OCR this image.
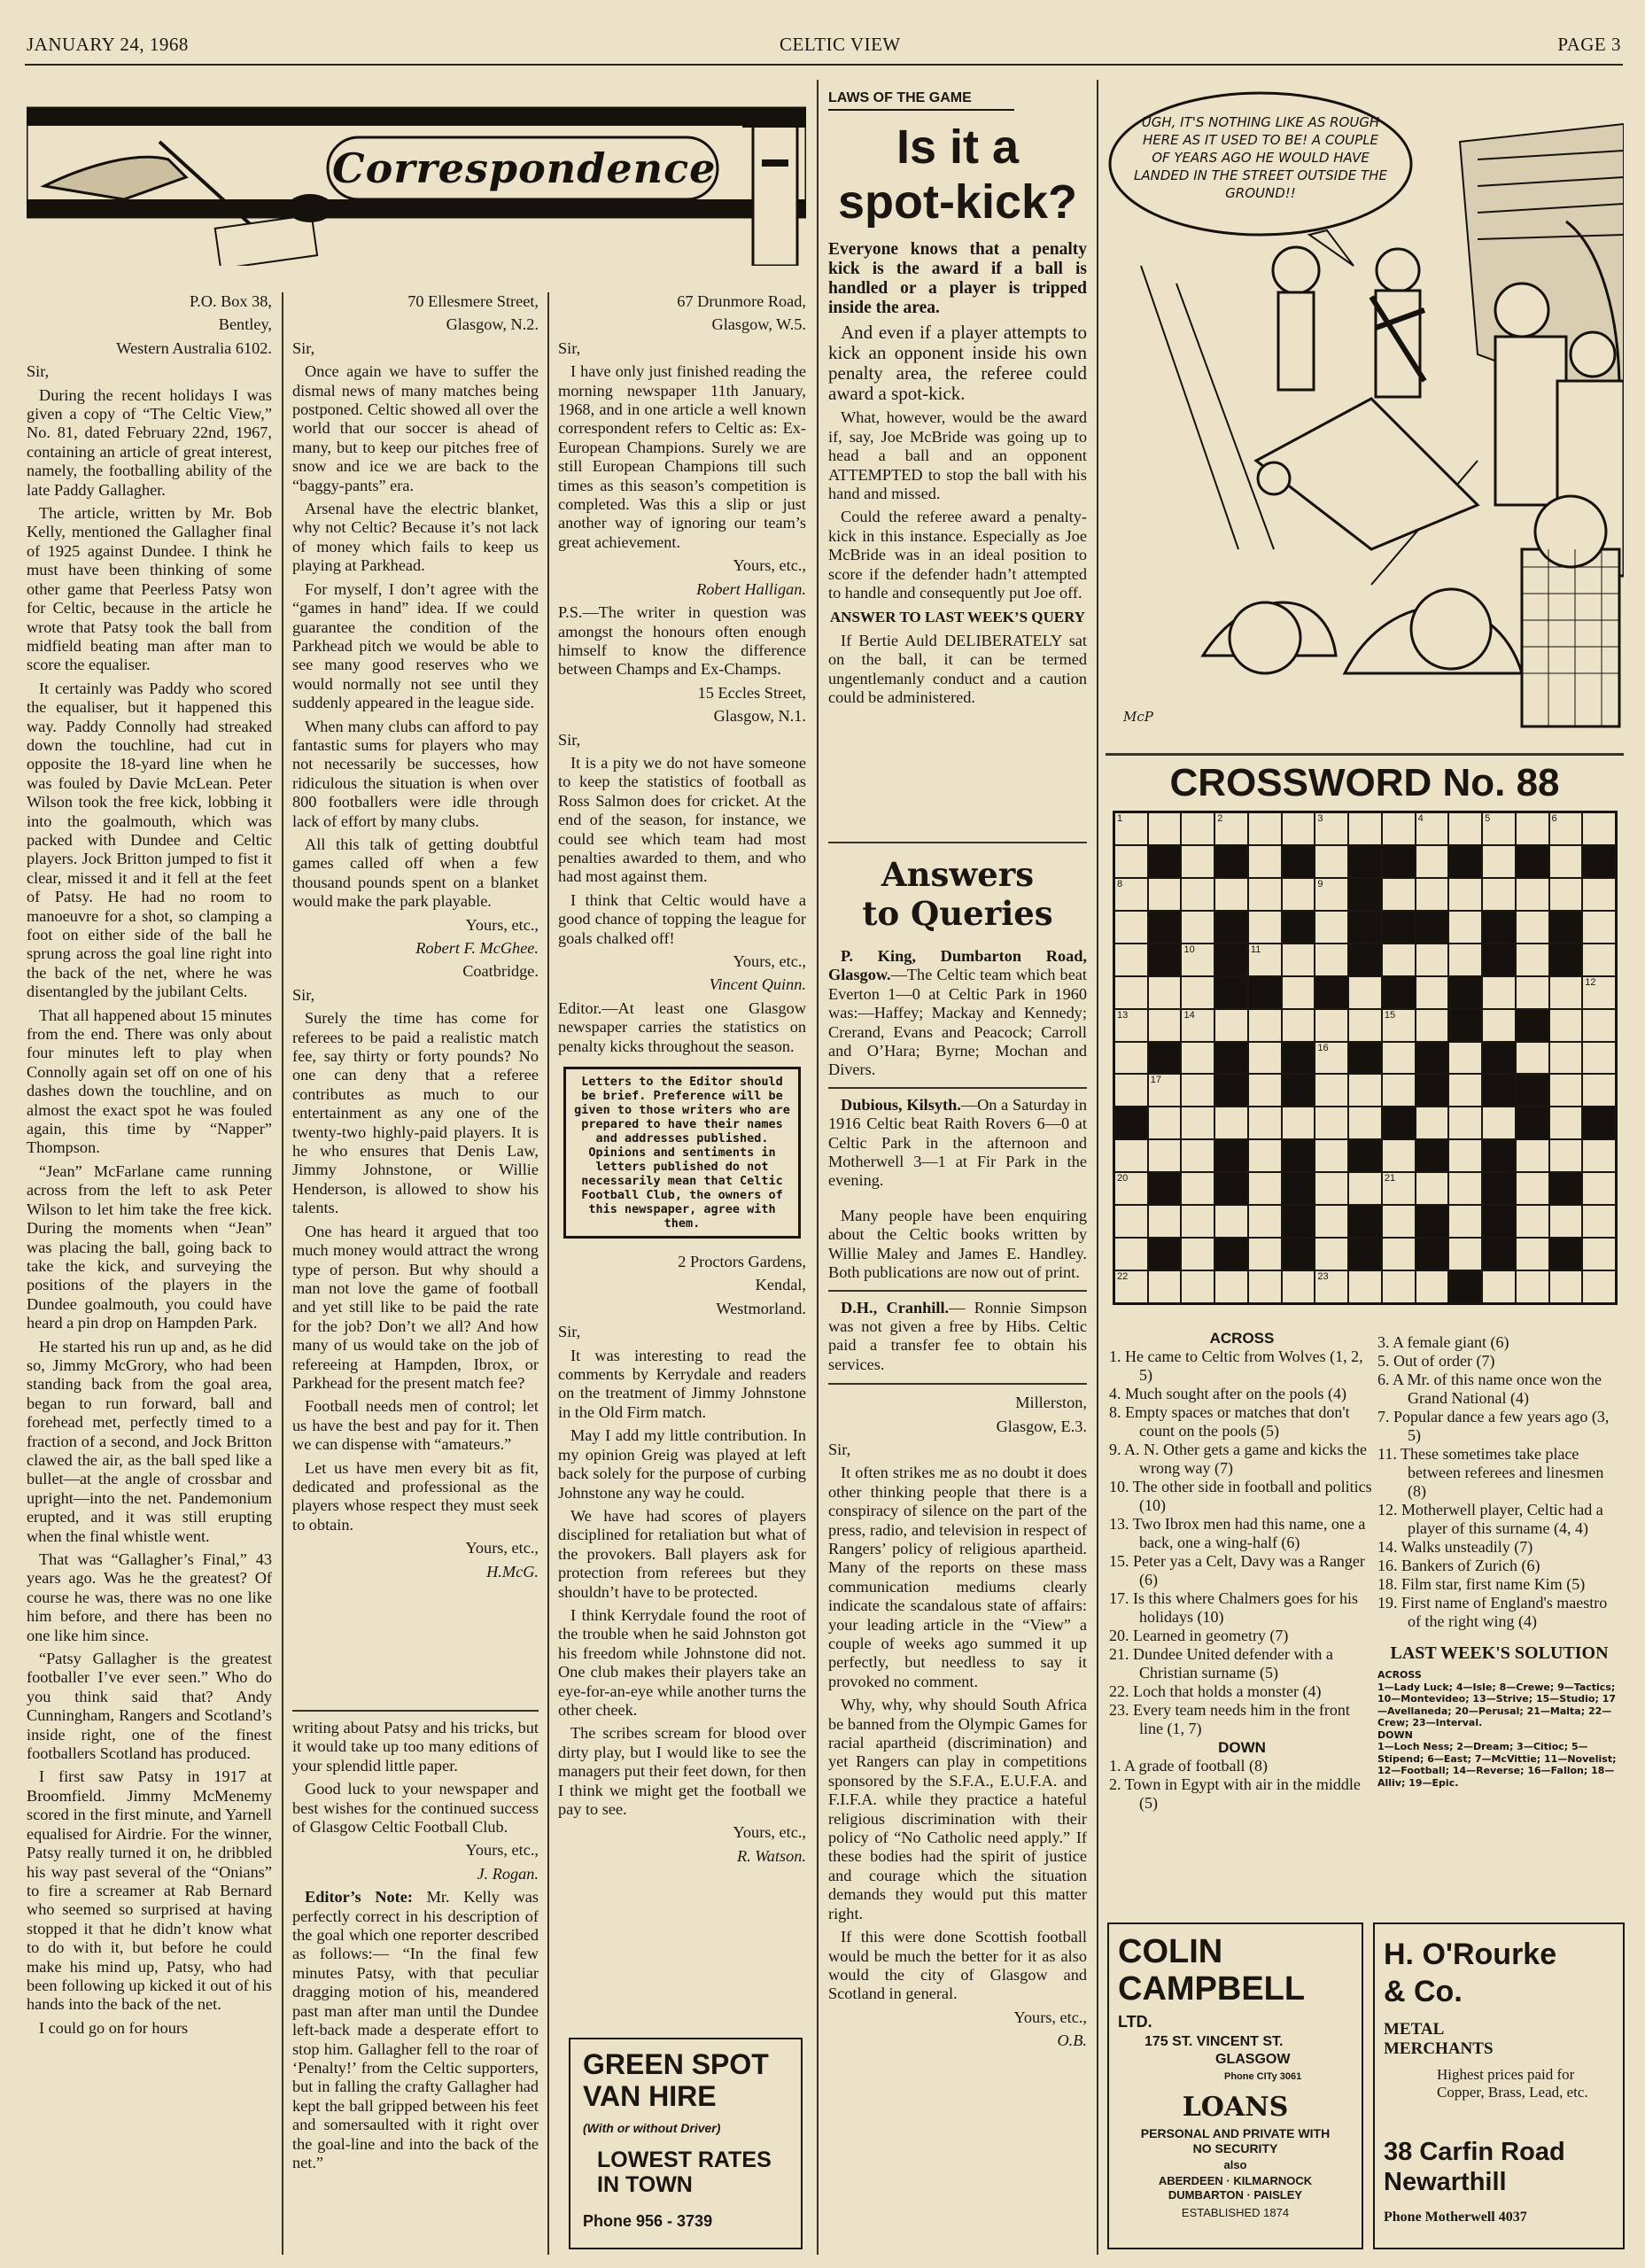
JANUARY 24, 1968	CELTIC VIEW	PAGE 3
Correspondence

P.O. Box 38,

Bentley,

Western Australia 6102.

Sir,

During the recent holidays I was given a copy of “The Celtic View,” No. 81, dated February 22nd, 1967, containing an article of great interest, namely, the footballing ability of the late Paddy Gallagher.

The article, written by Mr. Bob Kelly, mentioned the Gallagher final of 1925 against Dundee. I think he must have been thinking of some other game that Peerless Patsy won for Celtic, because in the article he wrote that Patsy took the ball from midfield beating man after man to score the equaliser.

It certainly was Paddy who scored the equaliser, but it happened this way. Paddy Connolly had streaked down the touchline, had cut in opposite the 18-yard line when he was fouled by Davie McLean. Peter Wilson took the free kick, lobbing it into the goalmouth, which was packed with Dundee and Celtic players. Jock Britton jumped to fist it clear, missed it and it fell at the feet of Patsy. He had no room to manoeuvre for a shot, so clamping a foot on either side of the ball he sprung across the goal line right into the back of the net, where he was disentangled by the jubilant Celts.

That all happened about 15 minutes from the end. There was only about four minutes left to play when Connolly again set off on one of his dashes down the touchline, and on almost the exact spot he was fouled again, this time by “Napper” Thompson.

“Jean” McFarlane came running across from the left to ask Peter Wilson to let him take the free kick. During the moments when “Jean” was placing the ball, going back to take the kick, and surveying the positions of the players in the Dundee goalmouth, you could have heard a pin drop on Hampden Park.

He started his run up and, as he did so, Jimmy McGrory, who had been standing back from the goal area, began to run forward, ball and forehead met, perfectly timed to a fraction of a second, and Jock Britton clawed the air, as the ball sped like a bullet—at the angle of crossbar and upright—into the net. Pandemonium erupted, and it was still erupting when the final whistle went.

That was “Gallagher’s Final,” 43 years ago. Was he the greatest? Of course he was, there was no one like him before, and there has been no one like him since.

“Patsy Gallagher is the greatest footballer I’ve ever seen.” Who do you think said that? Andy Cunningham, Rangers and Scotland’s inside right, one of the finest footballers Scotland has produced.

I first saw Patsy in 1917 at Broomfield. Jimmy McMenemy scored in the first minute, and Yarnell equalised for Airdrie. For the winner, Patsy really turned it on, he dribbled his way past several of the “Onians” to fire a screamer at Rab Bernard who seemed so surprised at having stopped it that he didn’t know what to do with it, but before he could make his mind up, Patsy, who had been following up kicked it out of his hands into the back of the net.

I could go on for hours

70 Ellesmere Street,

Glasgow, N.2.

Sir,

Once again we have to suffer the dismal news of many matches being postponed. Celtic showed all over the world that our soccer is ahead of many, but to keep our pitches free of snow and ice we are back to the “baggy-pants” era.

Arsenal have the electric blanket, why not Celtic? Because it’s not lack of money which fails to keep us playing at Parkhead.

For myself, I don’t agree with the “games in hand” idea. If we could guarantee the condition of the Parkhead pitch we would be able to see many good reserves who we would normally not see until they suddenly appeared in the league side.

When many clubs can afford to pay fantastic sums for players who may not necessarily be successes, how ridiculous the situation is when over 800 footballers were idle through lack of effort by many clubs.

All this talk of getting doubtful games called off when a few thousand pounds spent on a blanket would make the park playable.

Yours, etc.,

Robert F. McGhee.

Coatbridge.

Sir,

Surely the time has come for referees to be paid a realistic match fee, say thirty or forty pounds? No one can deny that a referee contributes as much to our entertainment as any one of the twenty-two highly-paid players. It is he who ensures that Denis Law, Jimmy Johnstone, or Willie Henderson, is allowed to show his talents.

One has heard it argued that too much money would attract the wrong type of person. But why should a man not love the game of football and yet still like to be paid the rate for the job? Don’t we all? And how many of us would take on the job of refereeing at Hampden, Ibrox, or Parkhead for the present match fee?

Football needs men of control; let us have the best and pay for it. Then we can dispense with “amateurs.”

Let us have men every bit as fit, dedicated and professional as the players whose respect they must seek to obtain.

Yours, etc.,

H.McG.

writing about Patsy and his tricks, but it would take up too many editions of your splendid little paper.

Good luck to your newspaper and best wishes for the continued success of Glasgow Celtic Football Club.

Yours, etc.,

J. Rogan.

Editor’s Note: Mr. Kelly was perfectly correct in his description of the goal which one reporter described as follows:— “In the final few minutes Patsy, with that peculiar dragging motion of his, meandered past man after man until the Dundee left-back made a desperate effort to stop him. Gallagher fell to the roar of ‘Penalty!’ from the Celtic supporters, but in falling the crafty Gallagher had kept the ball gripped between his feet and somersaulted with it right over the goal-line and into the back of the net.”

67 Drunmore Road,

Glasgow, W.5.

Sir,

I have only just finished reading the morning newspaper 11th January, 1968, and in one article a well known correspondent refers to Celtic as: Ex-European Champions. Surely we are still European Champions till such times as this season’s competition is completed. Was this a slip or just another way of ignoring our team’s great achievement.

Yours, etc.,

Robert Halligan.

P.S.—The writer in question was amongst the honours often enough himself to know the difference between Champs and Ex-Champs.

15 Eccles Street,

Glasgow, N.1.

Sir,

It is a pity we do not have someone to keep the statistics of football as Ross Salmon does for cricket. At the end of the season, for instance, we could see which team had most penalties awarded to them, and who had most against them.

I think that Celtic would have a good chance of topping the league for goals chalked off!

Yours, etc.,

Vincent Quinn.

Editor.—At least one Glasgow newspaper carries the statistics on penalty kicks throughout the season.

Letters to the Editor should be brief. Preference will be given to those writers who are prepared to have their names and addresses published. Opinions and sentiments in letters published do not necessarily mean that Celtic Football Club, the owners of this newspaper, agree with them.

2 Proctors Gardens,

Kendal,

Westmorland.

Sir,

It was interesting to read the comments by Kerrydale and readers on the treatment of Jimmy Johnstone in the Old Firm match.

May I add my little contribution. In my opinion Greig was played at left back solely for the purpose of curbing Johnstone any way he could.

We have had scores of players disciplined for retaliation but what of the provokers. Ball players ask for protection from referees but they shouldn’t have to be protected.

I think Kerrydale found the root of the trouble when he said Johnston got his freedom while Johnstone did not. One club makes their players take an eye-for-an-eye while another turns the other cheek.

The scribes scream for blood over dirty play, but I would like to see the managers put their feet down, for then I think we might get the football we pay to see.

Yours, etc.,

R. Watson.

GREEN SPOT
VAN HIRE
(With or without Driver)
LOWEST RATES
IN TOWN
Phone 956 - 3739
LAWS OF THE GAME
Is it a
spot-kick?

Everyone knows that a penalty kick is the award if a ball is handled or a player is tripped inside the area.

And even if a player attempts to kick an opponent inside his own penalty area, the referee could award a spot-kick.

What, however, would be the award if, say, Joe McBride was going up to head a ball and an opponent ATTEMPTED to stop the ball with his hand and missed.

Could the referee award a penalty-kick in this instance. Especially as Joe McBride was in an ideal position to score if the defender hadn’t attempted to handle and consequently put Joe off.

ANSWER TO LAST WEEK’S QUERY

If Bertie Auld DELIBERATELY sat on the ball, it can be termed ungentlemanly conduct and a caution could be administered.

Answers
to Queries

P. King, Dumbarton Road, Glasgow.—The Celtic team which beat Everton 1—0 at Celtic Park in 1960 was:—Haffey; Mackay and Kennedy; Crerand, Evans and Peacock; Carroll and O’Hara; Byrne; Mochan and Divers.

Dubious, Kilsyth.—On a Saturday in 1916 Celtic beat Raith Rovers 6—0 at Celtic Park in the afternoon and Motherwell 3—1 at Fir Park in the evening.

Many people have been enquiring about the Celtic books written by Willie Maley and James E. Handley. Both publications are now out of print.

D.H., Cranhill.— Ronnie Simpson was not given a free by Hibs. Celtic paid a transfer fee to obtain his services.

Millerston,

Glasgow, E.3.

Sir,

It often strikes me as no doubt it does other thinking people that there is a conspiracy of silence on the part of the press, radio, and television in respect of Rangers’ policy of religious apartheid. Many of the reports on these mass communication mediums clearly indicate the scandalous state of affairs: your leading article in the “View” a couple of weeks ago summed it up perfectly, but needless to say it provoked no comment.

Why, why, why should South Africa be banned from the Olympic Games for racial apartheid (discrimination) and yet Rangers can play in competitions sponsored by the S.F.A., E.U.F.A. and F.I.F.A. while they practice a hateful religious discrimination with their policy of “No Catholic need apply.” If these bodies had the spirit of justice and courage which the situation demands they would put this matter right.

If this were done Scottish football would be much the better for it as also would the city of Glasgow and Scotland in general.

Yours, etc.,

O.B.

UGH, IT'S NOTHING LIKE AS ROUGH HERE AS IT USED TO BE! A COUPLE OF YEARS AGO HE WOULD HAVE LANDED IN THE STREET OUTSIDE THE GROUND!!
McP
CROSSWORD No. 88
1	2	3	4	5	6
8	9
10	11
12
13	14	15
16
17
20	21
22	23

ACROSS

1. He came to Celtic from Wolves (1, 2, 5)

4. Much sought after on the pools (4)

8. Empty spaces or matches that don't count on the pools (5)

9. A. N. Other gets a game and kicks the wrong way (7)

10. The other side in football and politics (10)

13. Two Ibrox men had this name, one a back, one a wing-half (6)

15. Peter yas a Celt, Davy was a Ranger (6)

17. Is this where Chalmers goes for his holidays (10)

20. Learned in geometry (7)

21. Dundee United defender with a Christian surname (5)

22. Loch that holds a monster (4)

23. Every team needs him in the front line (1, 7)

DOWN

1. A grade of football (8)

2. Town in Egypt with air in the middle (5)

3. A female giant (6)

5. Out of order (7)

6. A Mr. of this name once won the Grand National (4)

7. Popular dance a few years ago (3, 5)

11. These sometimes take place between referees and linesmen (8)

12. Motherwell player, Celtic had a player of this surname (4, 4)

14. Walks unsteadily (7)

16. Bankers of Zurich (6)

18. Film star, first name Kim (5)

19. First name of England's maestro of the right wing (4)

LAST WEEK'S SOLUTION
ACROSS
1—Lady Luck; 4—Isle; 8—Crewe; 9—Tactics; 10—Montevideo; 13—Strive; 15—Studio; 17—Avellaneda; 20—Perusal; 21—Malta; 22—Crew; 23—Interval.
DOWN
1—Loch Ness; 2—Dream; 3—Citioc; 5—Stipend; 6—East; 7—McVittie; 11—Novelist; 12—Football; 14—Reverse; 16—Fallon; 18—Alliv; 19—Epic.
COLIN
CAMPBELL
LTD.
175 ST. VINCENT ST.
GLASGOW
Phone CITy 3061
LOANS
PERSONAL AND PRIVATE WITH NO SECURITY
also
ABERDEEN · KILMARNOCK DUMBARTON · PAISLEY
ESTABLISHED 1874
H. O'Rourke
& Co.
METAL
MERCHANTS
Highest prices paid for Copper, Brass, Lead, etc.
38 Carfin Road
Newarthill
Phone Motherwell 4037
